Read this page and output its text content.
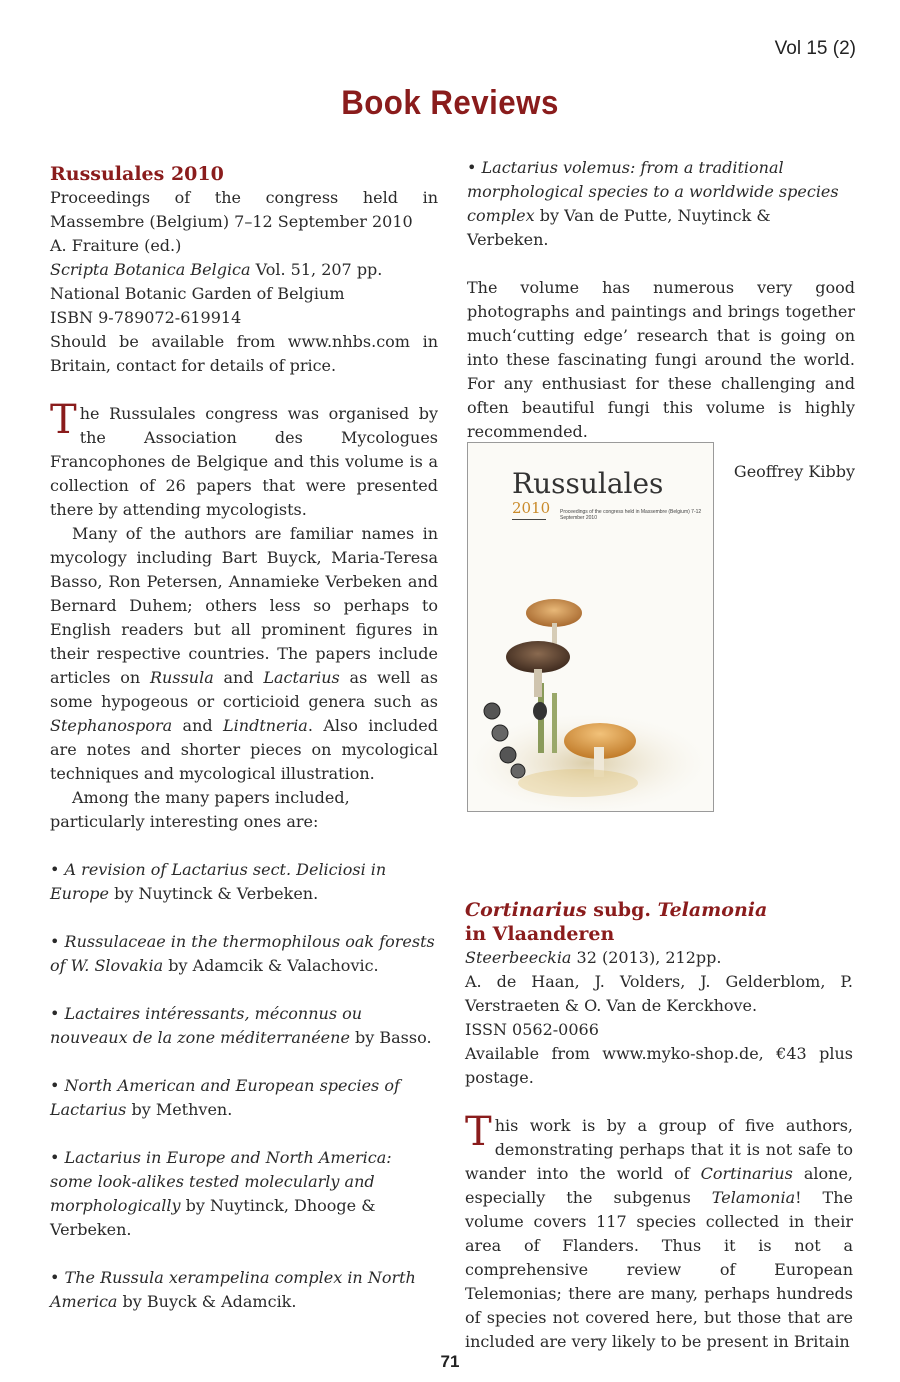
Vol 15 (2)
Book Reviews

Russulales 2010

Proceedings of the congress held in Massembre (Belgium) 7–12 September 2010

A. Fraiture (ed.)

Scripta Botanica Belgica Vol. 51, 207 pp.

National Botanic Garden of Belgium

ISBN 9-789072-619914

Should be available from www.nhbs.com in Britain, contact for details of price.

The Russulales congress was organised by the Association des Mycologues Francophones de Belgique and this volume is a collection of 26 papers that were presented there by attending mycologists.

Many of the authors are familiar names in mycology including Bart Buyck, Maria-Teresa Basso, Ron Petersen, Annamieke Verbeken and Bernard Duhem; others less so perhaps to English readers but all prominent figures in their respective countries. The papers include articles on Russula and Lactarius as well as some hypogeous or corticioid genera such as Stephanospora and Lindtneria. Also included are notes and shorter pieces on mycological techniques and mycological illustration.

Among the many papers included, particularly interesting ones are:

• A revision of Lactarius sect. Deliciosi in Europe by Nuytinck & Verbeken.

• Russulaceae in the thermophilous oak forests of W. Slovakia by Adamcik & Valachovic.

• Lactaires intéressants, méconnus ou nouveaux de la zone méditerranéene by Basso.

• North American and European species of Lactarius by Methven.

• Lactarius in Europe and North America: some look-alikes tested molecularly and morphologically by Nuytinck, Dhooge & Verbeken.

• The Russula xerampelina complex in North America by Buyck & Adamcik.

• Lactarius volemus: from a traditional morphological species to a worldwide species complex by Van de Putte, Nuytinck & Verbeken.

The volume has numerous very good photographs and paintings and brings together much‘cutting edge’ research that is going on into these fascinating fungi around the world. For any enthusiast for these challenging and often beautiful fungi this volume is highly recommended.

Geoffrey Kibby

Russulales
2010 Proceedings of the congress held in Massembre (Belgium) 7-12 September 2010

Cortinarius subg. Telamonia
in Vlaanderen

Steerbeeckia 32 (2013), 212pp.

A. de Haan, J. Volders, J. Gelderblom, P. Verstraeten & O. Van de Kerckhove.

ISSN 0562-0066

Available from www.myko-shop.de, €43 plus postage.

This work is by a group of five authors, demonstrating perhaps that it is not safe to wander into the world of Cortinarius alone, especially the subgenus Telamonia! The volume covers 117 species collected in their area of Flanders. Thus it is not a comprehensive review of European Telemonias; there are many, perhaps hundreds of species not covered here, but those that are included are very likely to be present in Britain

71
